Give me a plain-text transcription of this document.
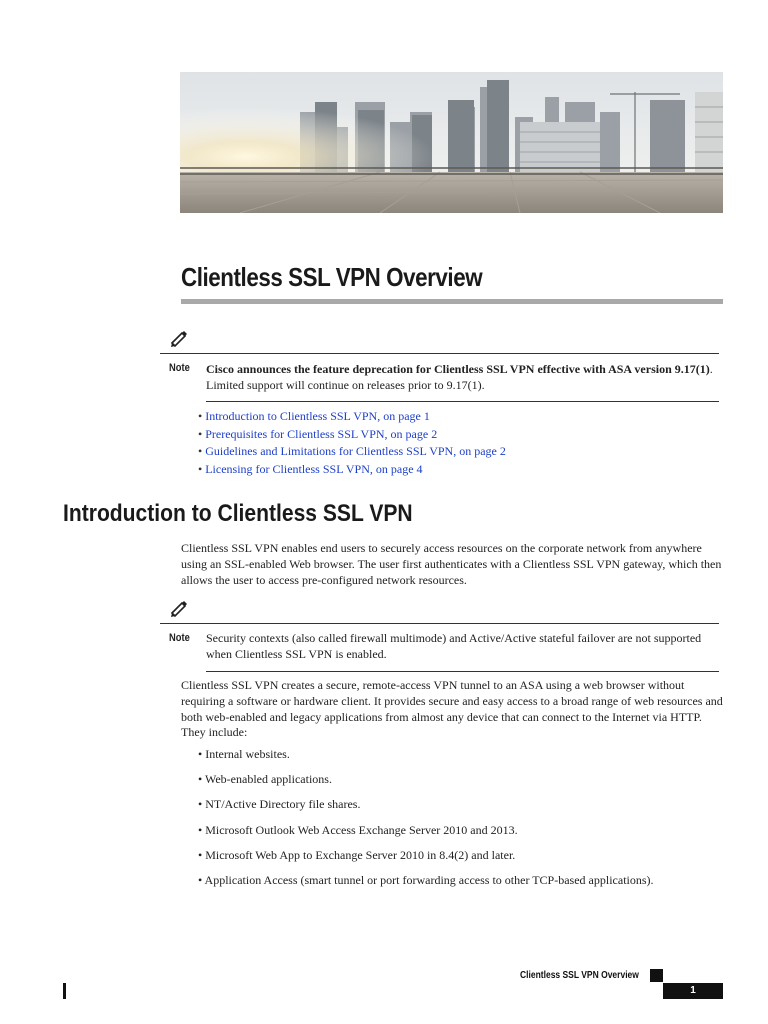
Clientless SSL VPN Overview
Note Cisco announces the feature deprecation for Clientless SSL VPN effective with ASA version 9.17(1). Limited support will continue on releases prior to 9.17(1).
• Introduction to Clientless SSL VPN, on page 1
• Prerequisites for Clientless SSL VPN, on page 2
• Guidelines and Limitations for Clientless SSL VPN, on page 2
• Licensing for Clientless SSL VPN, on page 4
Introduction to Clientless SSL VPN
Clientless SSL VPN enables end users to securely access resources on the corporate network from anywhere using an SSL-enabled Web browser. The user first authenticates with a Clientless SSL VPN gateway, which then allows the user to access pre-configured network resources.
Note Security contexts (also called firewall multimode) and Active/Active stateful failover are not supported when Clientless SSL VPN is enabled.
Clientless SSL VPN creates a secure, remote-access VPN tunnel to an ASA using a web browser without requiring a software or hardware client. It provides secure and easy access to a broad range of web resources and both web-enabled and legacy applications from almost any device that can connect to the Internet via HTTP. They include:
• Internal websites.
• Web-enabled applications.
• NT/Active Directory file shares.
• Microsoft Outlook Web Access Exchange Server 2010 and 2013.
• Microsoft Web App to Exchange Server 2010 in 8.4(2) and later.
• Application Access (smart tunnel or port forwarding access to other TCP-based applications).
Clientless SSL VPN Overview
1
